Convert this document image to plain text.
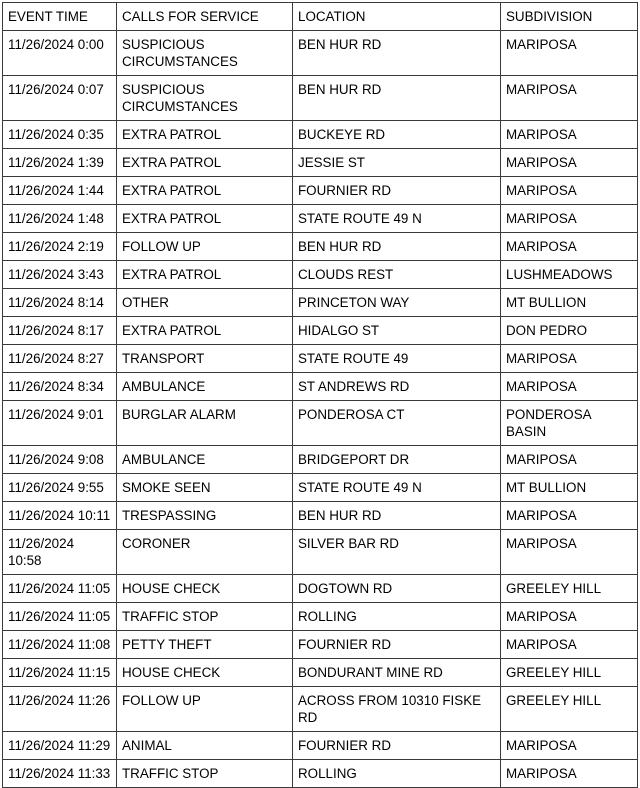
EVENT TIME	CALLS FOR SERVICE	LOCATION	SUBDIVISION
11/26/2024 0:00	SUSPICIOUS CIRCUMSTANCES	BEN HUR RD	MARIPOSA
11/26/2024 0:07	SUSPICIOUS CIRCUMSTANCES	BEN HUR RD	MARIPOSA
11/26/2024 0:35	EXTRA PATROL	BUCKEYE RD	MARIPOSA
11/26/2024 1:39	EXTRA PATROL	JESSIE ST	MARIPOSA
11/26/2024 1:44	EXTRA PATROL	FOURNIER RD	MARIPOSA
11/26/2024 1:48	EXTRA PATROL	STATE ROUTE 49 N	MARIPOSA
11/26/2024 2:19	FOLLOW UP	BEN HUR RD	MARIPOSA
11/26/2024 3:43	EXTRA PATROL	CLOUDS REST	LUSHMEADOWS
11/26/2024 8:14	OTHER	PRINCETON WAY	MT BULLION
11/26/2024 8:17	EXTRA PATROL	HIDALGO ST	DON PEDRO
11/26/2024 8:27	TRANSPORT	STATE ROUTE 49	MARIPOSA
11/26/2024 8:34	AMBULANCE	ST ANDREWS RD	MARIPOSA
11/26/2024 9:01	BURGLAR ALARM	PONDEROSA CT	PONDEROSA BASIN
11/26/2024 9:08	AMBULANCE	BRIDGEPORT DR	MARIPOSA
11/26/2024 9:55	SMOKE SEEN	STATE ROUTE 49 N	MT BULLION
11/26/2024 10:11	TRESPASSING	BEN HUR RD	MARIPOSA
11/26/2024 10:58	CORONER	SILVER BAR RD	MARIPOSA
11/26/2024 11:05	HOUSE CHECK	DOGTOWN RD	GREELEY HILL
11/26/2024 11:05	TRAFFIC STOP	ROLLING	MARIPOSA
11/26/2024 11:08	PETTY THEFT	FOURNIER RD	MARIPOSA
11/26/2024 11:15	HOUSE CHECK	BONDURANT MINE RD	GREELEY HILL
11/26/2024 11:26	FOLLOW UP	ACROSS FROM 10310 FISKE RD	GREELEY HILL
11/26/2024 11:29	ANIMAL	FOURNIER RD	MARIPOSA
11/26/2024 11:33	TRAFFIC STOP	ROLLING	MARIPOSA
